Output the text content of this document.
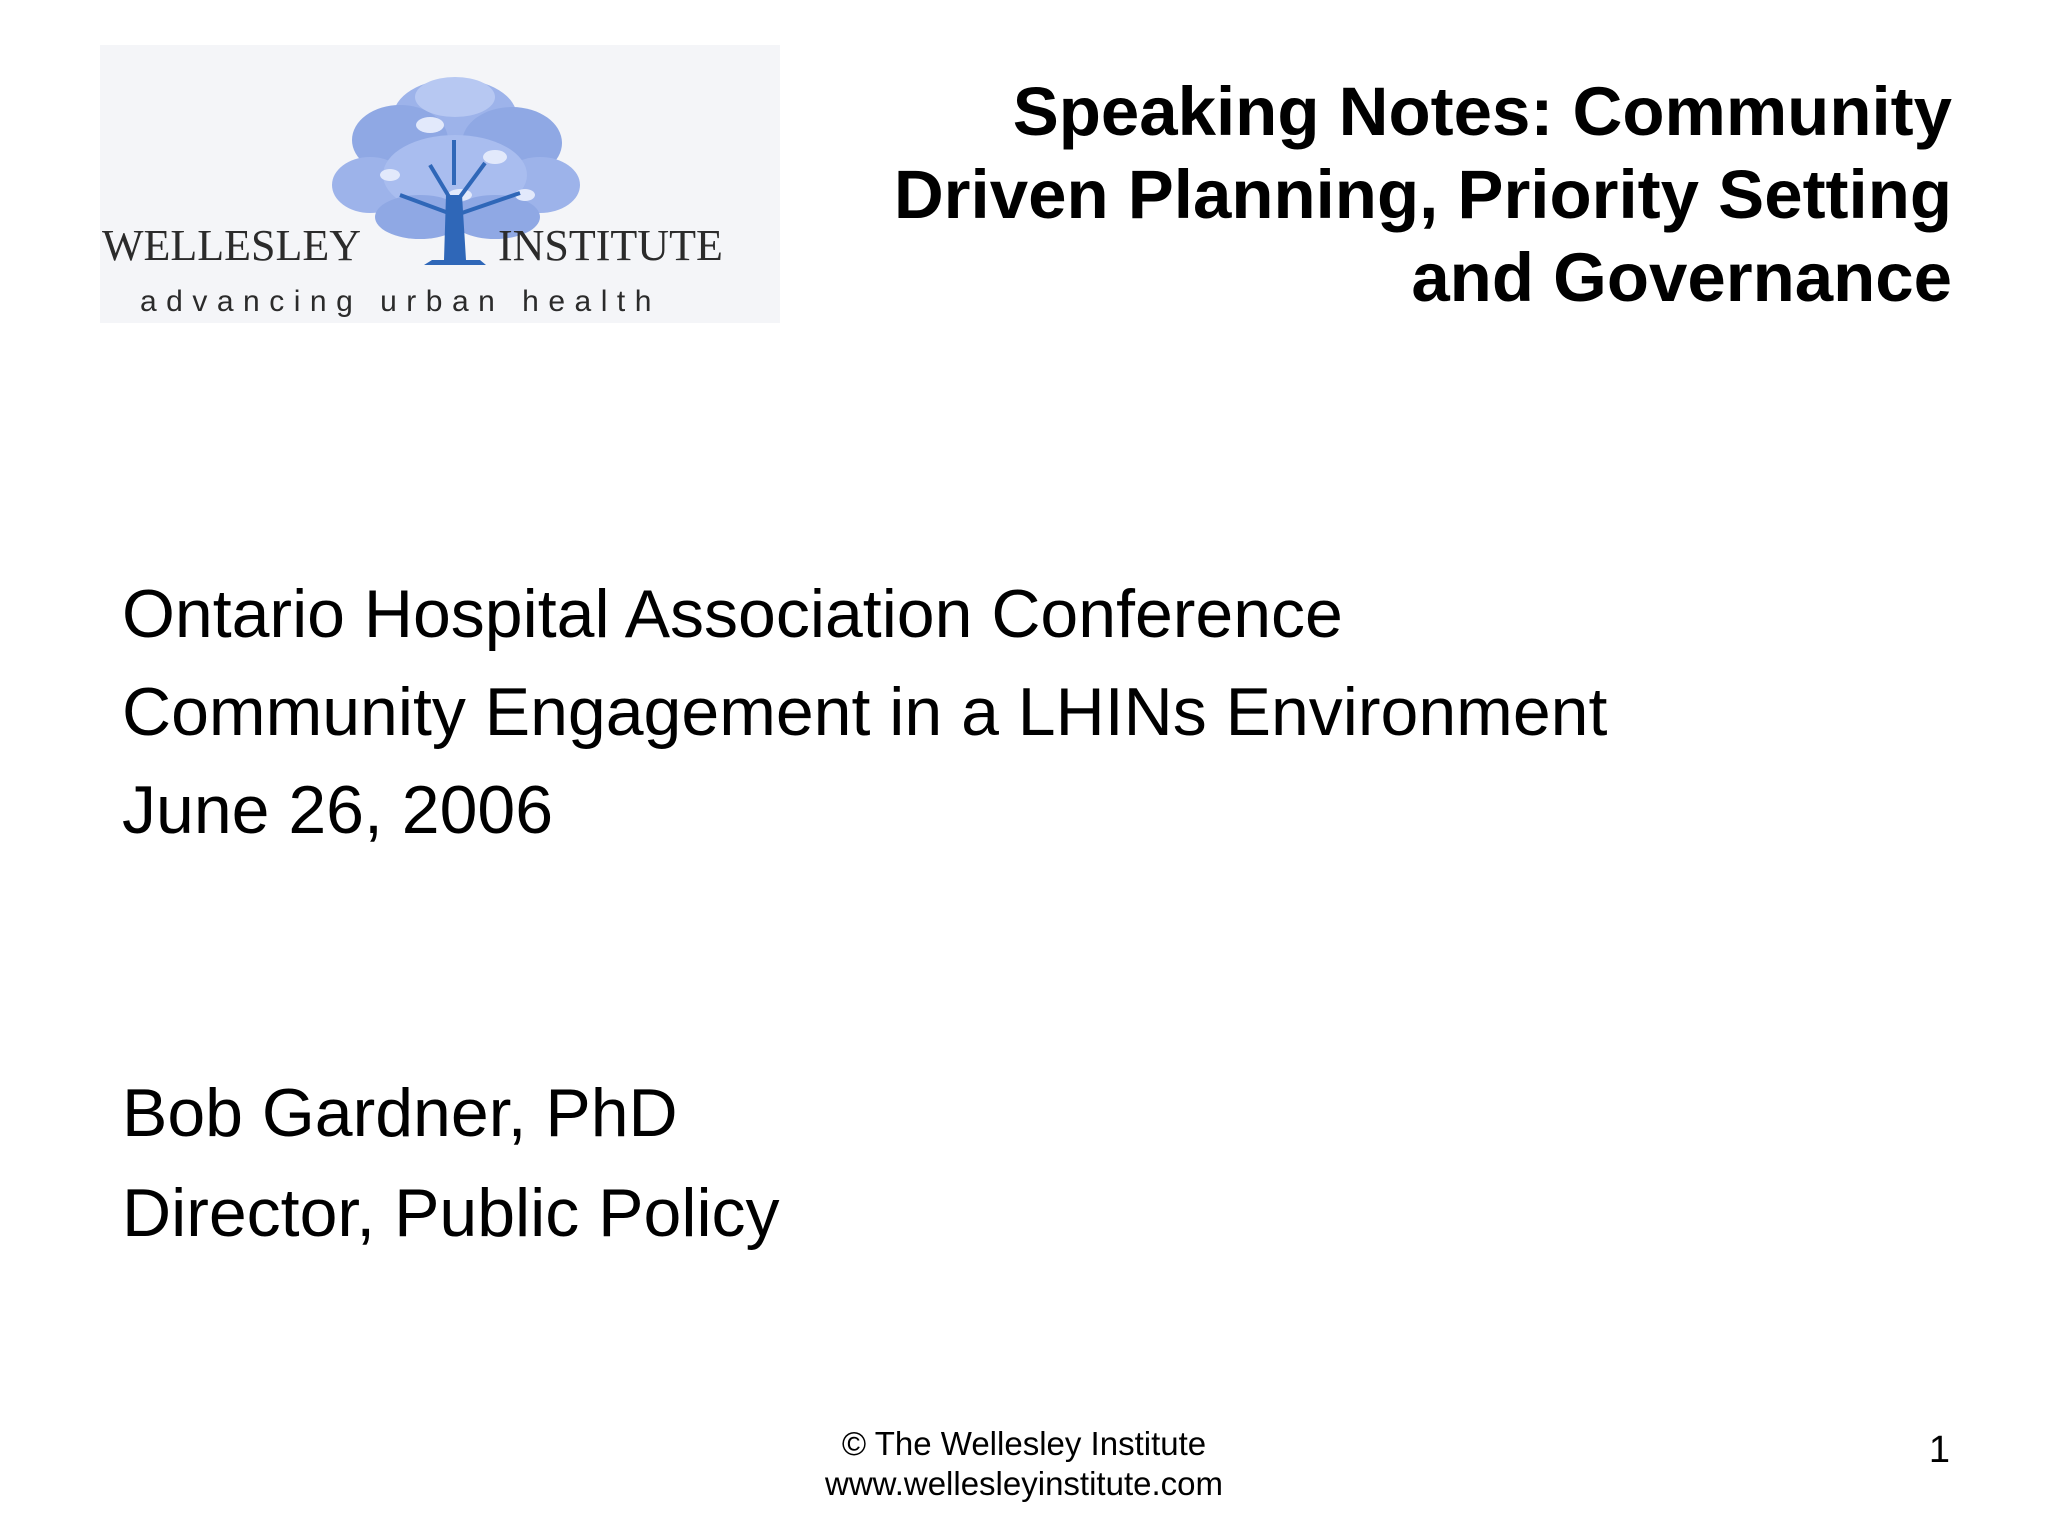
WELLESLEY	INSTITUTE
advancing urban health
Speaking Notes: Community
Driven Planning, Priority Setting
and Governance
Ontario Hospital Association Conference
Community Engagement in a LHINs Environment
June 26, 2006
Bob Gardner, PhD
Director, Public Policy
© The Wellesley Institute
www.wellesleyinstitute.com
1
